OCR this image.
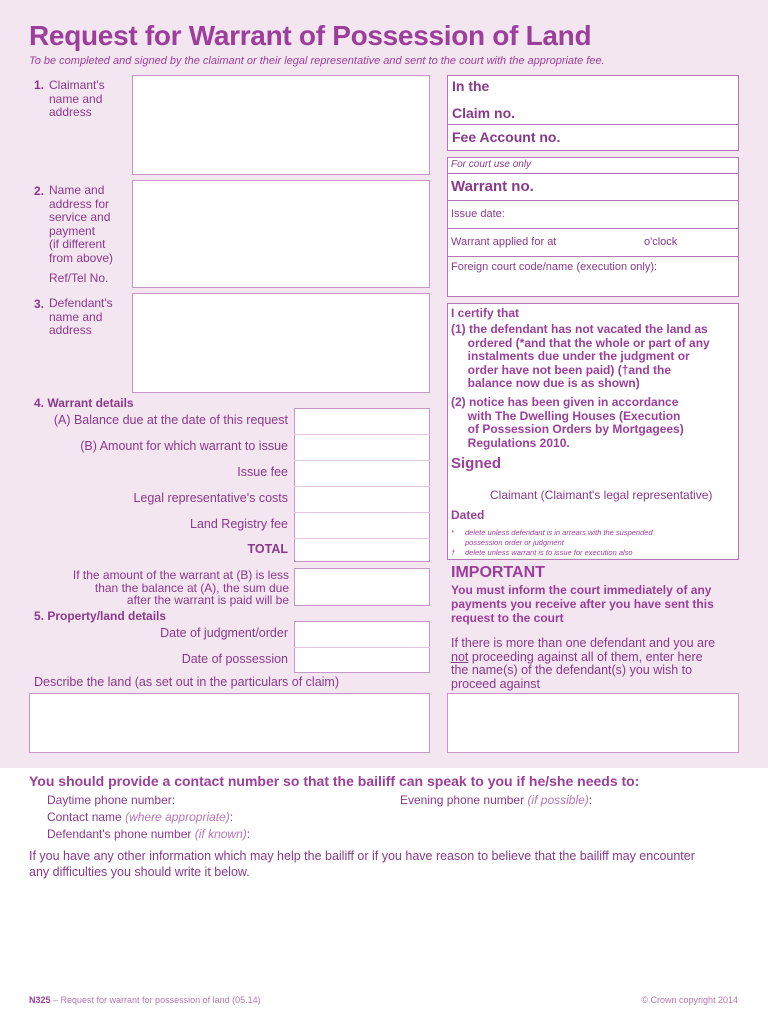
Request for Warrant of Possession of Land
To be completed and signed by the claimant or their legal representative and sent to the court with the appropriate fee.
1. Claimant's
name and
address
2. Name and
address for
service and
payment
(if different
from above)
Ref/Tel No.
3. Defendant's
name and
address
4. Warrant details
(A) Balance due at the date of this request
(B) Amount for which warrant to issue
Issue fee
Legal representative's costs
Land Registry fee
TOTAL
If the amount of the warrant at (B) is less
than the balance at (A), the sum due
after the warrant is paid will be
5. Property/land details
Date of judgment/order
Date of possession
Describe the land (as set out in the particulars of claim)
In the
Claim no.
Fee Account no.
For court use only
Warrant no.
Issue date:
Warrant applied for at	o'clock
Foreign court code/name (execution only):
I certify that
(1) the defendant has not vacated the land as
ordered (*and that the whole or part of any
instalments due under the judgment or
order have not been paid) (†and the
balance now due is as shown)
(2) notice has been given in accordance
with The Dwelling Houses (Execution
of Possession Orders by Mortgagees)
Regulations 2010.
Signed
Claimant (Claimant's legal representative)
Dated
* delete unless defendant is in arrears with the suspended
possession order or judgment
† delete unless warrant is to issue for execution also
IMPORTANT
You must inform the court immediately of any
payments you receive after you have sent this
request to the court
If there is more than one defendant and you are
not proceeding against all of them, enter here
the name(s) of the defendant(s) you wish to
proceed against
You should provide a contact number so that the bailiff can speak to you if he/she needs to:
Daytime phone number:	Evening phone number (if possible):
Contact name (where appropriate):
Defendant's phone number (if known):
If you have any other information which may help the bailiff or if you have reason to believe that the bailiff may encounter
any difficulties you should write it below.
N325 – Request for warrant for possession of land (05.14)	© Crown copyright 2014
